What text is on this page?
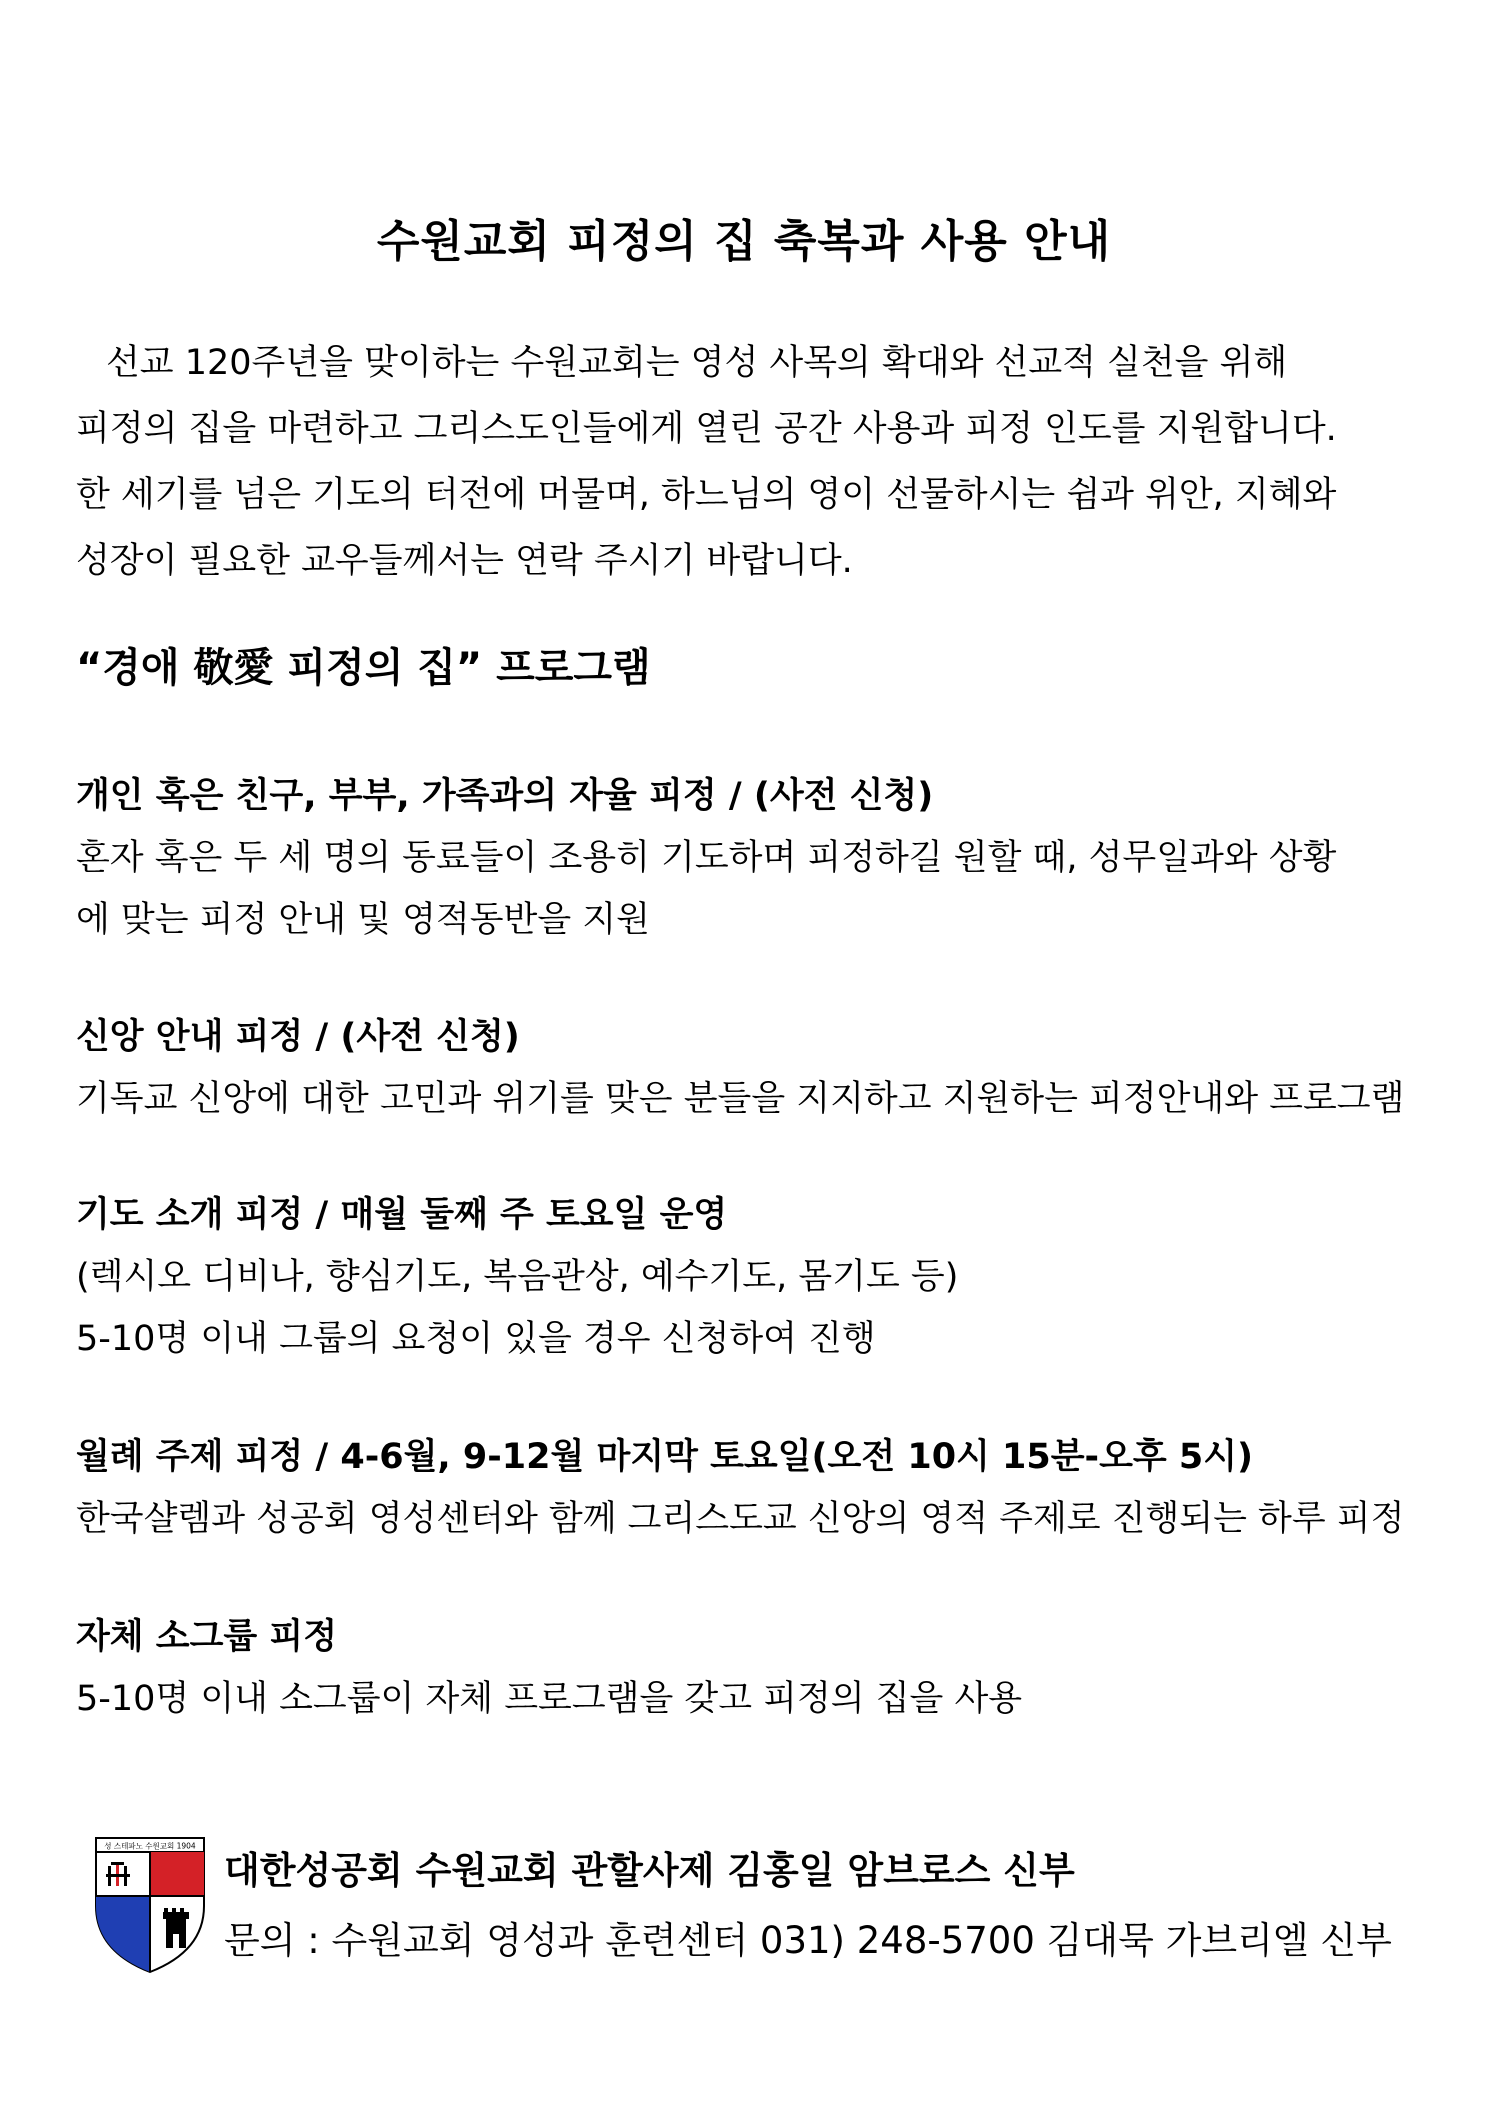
수원교회 피정의 집 축복과 사용 안내
선교 120주년을 맞이하는 수원교회는 영성 사목의 확대와 선교적 실천을 위해
피정의 집을 마련하고 그리스도인들에게 열린 공간 사용과 피정 인도를 지원합니다.
한 세기를 넘은 기도의 터전에 머물며, 하느님의 영이 선물하시는 쉼과 위안, 지혜와
성장이 필요한 교우들께서는 연락 주시기 바랍니다.
“경애 敬愛 피정의 집” 프로그램
개인 혹은 친구, 부부, 가족과의 자율 피정 / (사전 신청)
혼자 혹은 두 세 명의 동료들이 조용히 기도하며 피정하길 원할 때, 성무일과와 상황
에 맞는 피정 안내 및 영적동반을 지원
신앙 안내 피정 / (사전 신청)
기독교 신앙에 대한 고민과 위기를 맞은 분들을 지지하고 지원하는 피정안내와 프로그램
기도 소개 피정 / 매월 둘째 주 토요일 운영
(렉시오 디비나, 향심기도, 복음관상, 예수기도, 몸기도 등)
5-10명 이내 그룹의 요청이 있을 경우 신청하여 진행
월례 주제 피정 / 4-6월, 9-12월 마지막 토요일(오전 10시 15분-오후 5시)
한국샬렘과 성공회 영성센터와 함께 그리스도교 신앙의 영적 주제로 진행되는 하루 피정
자체 소그룹 피정
5-10명 이내 소그룹이 자체 프로그램을 갖고 피정의 집을 사용
성 스테파노 수원교회 1904
대한성공회 수원교회 관할사제 김홍일 암브로스 신부
문의 : 수원교회 영성과 훈련센터 031) 248-5700 김대묵 가브리엘 신부
